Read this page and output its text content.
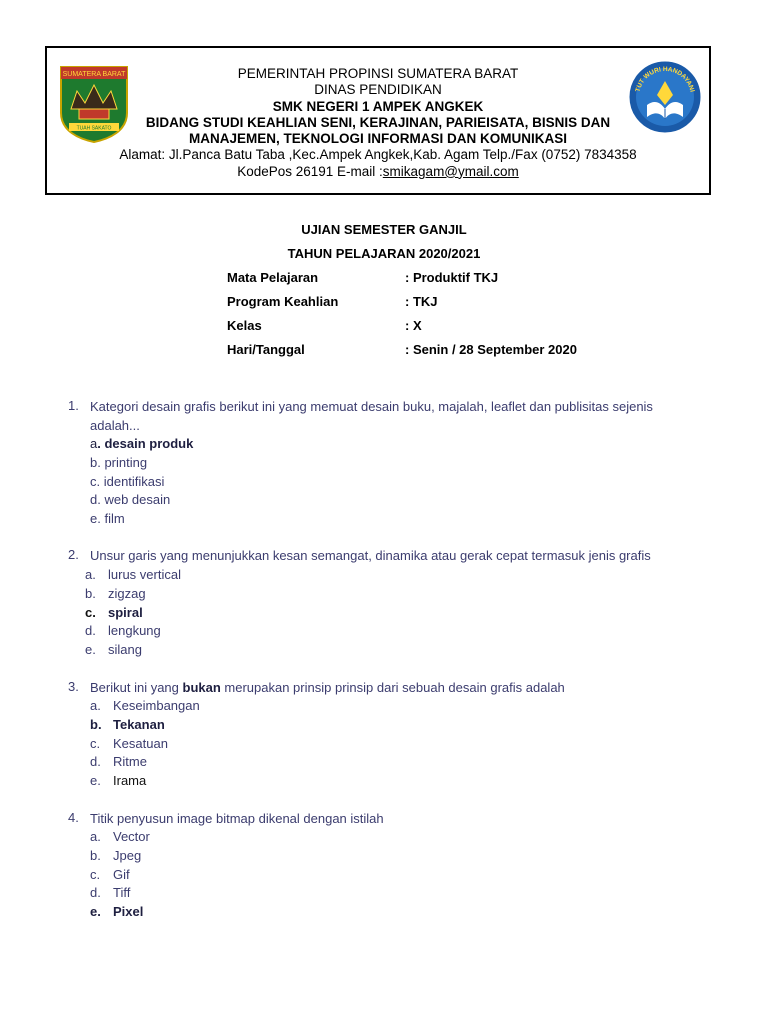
SUMATERA BARAT
TUAH SAKATO
PEMERINTAH PROPINSI SUMATERA BARAT
DINAS PENDIDIKAN
SMK NEGERI 1 AMPEK ANGKEK
BIDANG STUDI KEAHLIAN SENI, KERAJINAN, PARIEISATA, BISNIS DAN
MANAJEMEN, TEKNOLOGI INFORMASI DAN KOMUNIKASI
Alamat: Jl.Panca Batu Taba ,Kec.Ampek Angkek,Kab. Agam Telp./Fax (0752) 7834358
KodePos 26191 E-mail :smikagam@ymail.com
TUT WURI HANDAYANI
UJIAN SEMESTER GANJIL
TAHUN PELAJARAN 2020/2021
Mata Pelajaran	: Produktif TKJ
Program Keahlian	: TKJ
Kelas	: X
Hari/Tanggal	: Senin / 28 September 2020
1. Kategori desain grafis berikut ini yang memuat desain buku, majalah, leaflet dan publisitas sejenis
adalah...
a. desain produk
b. printing
c. identifikasi
d. web desain
e. film
2. Unsur garis yang menunjukkan kesan semangat, dinamika atau gerak cepat termasuk jenis grafis
a. lurus vertical
b. zigzag
c. spiral
d. lengkung
e. silang
3. Berikut ini yang bukan merupakan prinsip prinsip dari sebuah desain grafis adalah
a. Keseimbangan
b. Tekanan
c. Kesatuan
d. Ritme
e. Irama
4. Titik penyusun image bitmap dikenal dengan istilah
a. Vector
b. Jpeg
c. Gif
d. Tiff
e. Pixel
